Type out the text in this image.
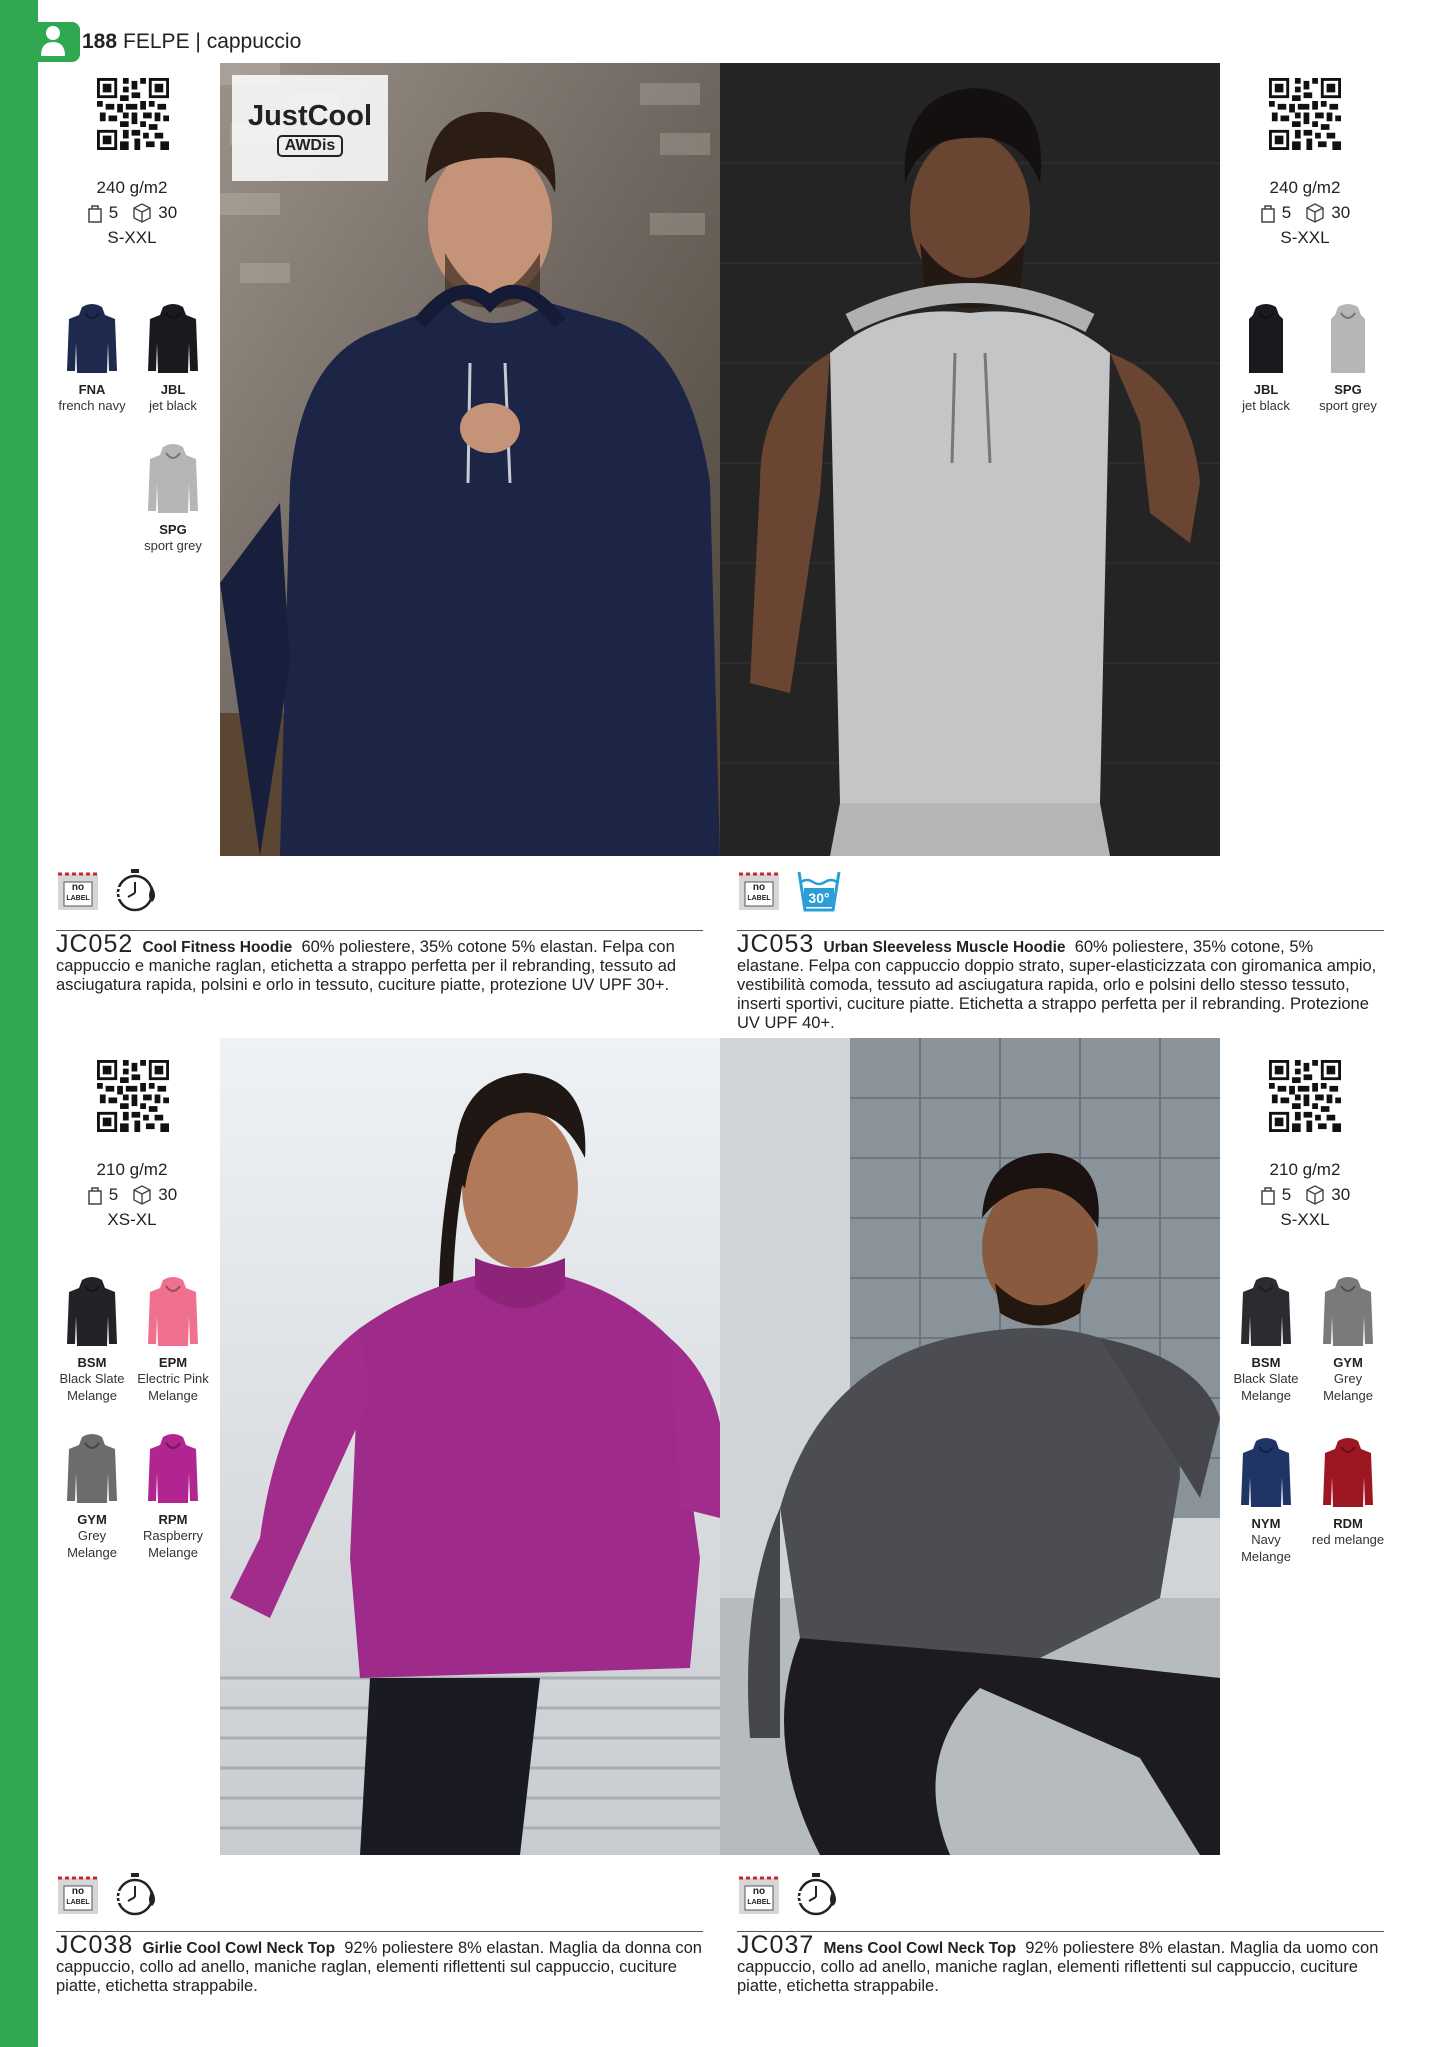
188 FELPE | cappuccio
JustCool
AWDis
240 g/m2
5 30
S-XXL
FNA
french navy
JBL
jet black
SPG
sport grey
240 g/m2
5 30
S-XXL
JBL
jet black
SPG
sport grey
no
LABEL
no
LABEL	30°
JC052 Cool Fitness Hoodie 60% poliestere, 35% cotone 5% elastan. Felpa con cappuccio e maniche raglan, etichetta a strappo perfetta per il rebranding, tessuto ad asciugatura rapida, polsini e orlo in tessuto, cuciture piatte, protezione UV UPF 30+.
JC053 Urban Sleeveless Muscle Hoodie 60% poliestere, 35% cotone, 5% elastane. Felpa con cappuccio doppio strato, super-elasticizzata con giromanica ampio, vestibilità comoda, tessuto ad asciugatura rapida, orlo e polsini dello stesso tessuto, inserti sportivi, cuciture piatte. Etichetta a strappo perfetta per il rebranding. Protezione UV UPF 40+.
210 g/m2
5 30
XS-XL
BSM
Black Slate
Melange
EPM
Electric Pink
Melange
GYM
Grey
Melange
RPM
Raspberry
Melange
210 g/m2
5 30
S-XXL
BSM
Black Slate
Melange
GYM
Grey
Melange
NYM
Navy
Melange
RDM
red melange
no
LABEL
no
LABEL
JC038 Girlie Cool Cowl Neck Top 92% poliestere 8% elastan. Maglia da donna con cappuccio, collo ad anello, maniche raglan, elementi riflettenti sul cappuccio, cuciture piatte, etichetta strappabile.
JC037 Mens Cool Cowl Neck Top 92% poliestere 8% elastan. Maglia da uomo con cappuccio, collo ad anello, maniche raglan, elementi riflettenti sul cappuccio, cuciture piatte, etichetta strappabile.
